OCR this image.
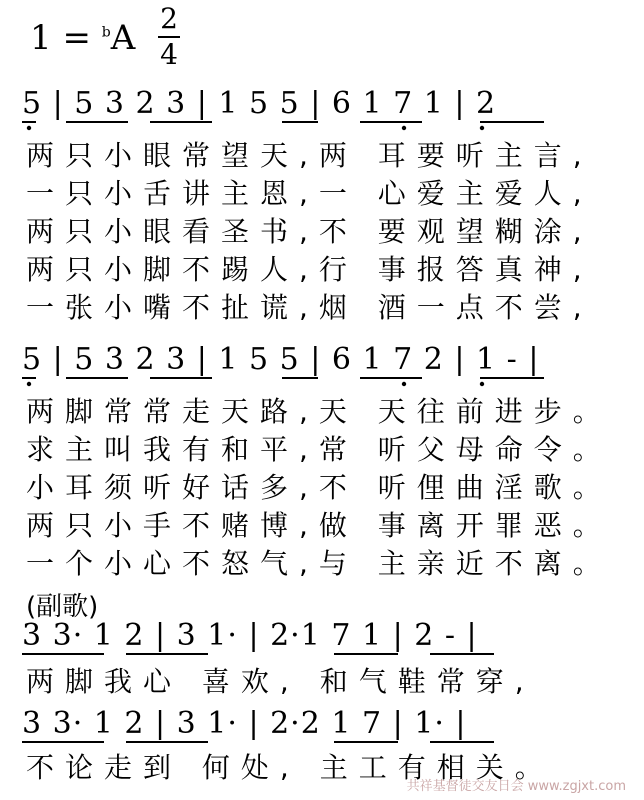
1 = $^b$A 2
4
5 | 5 3 2 3 | 1 5 5 | 6 1 7 1 | 2
两只小眼常望天,两 耳要听主言,
一只小舌讲主恩,一 心爱主爱人,
两只小眼看圣书,不 要观望糊涂,
两只小脚不踢人,行 事报答真神,
一张小嘴不扯谎,烟 酒一点不尝,
5 | 5 3 2 3 | 1 5 5 | 6 1 7 2 | 1 - |
两脚常常走天路,天 天往前进步。
求主叫我有和平,常 听父母命令。
小耳须听好话多,不 听俚曲淫歌。
两只小手不赌博,做 事离开罪恶。
一个小心不怒气,与 主亲近不离。
(副歌)
3 3· 1 2 | 3 1· | 2·1 7 1 | 2 - |
两脚我心 喜欢, 和气鞋常穿,
3 3· 1 2 | 3 1· | 2·2 1 7 | 1· |
不论走到 何处, 主工有相关。
共祥基督徒交友日会 www.zgjxt.com
